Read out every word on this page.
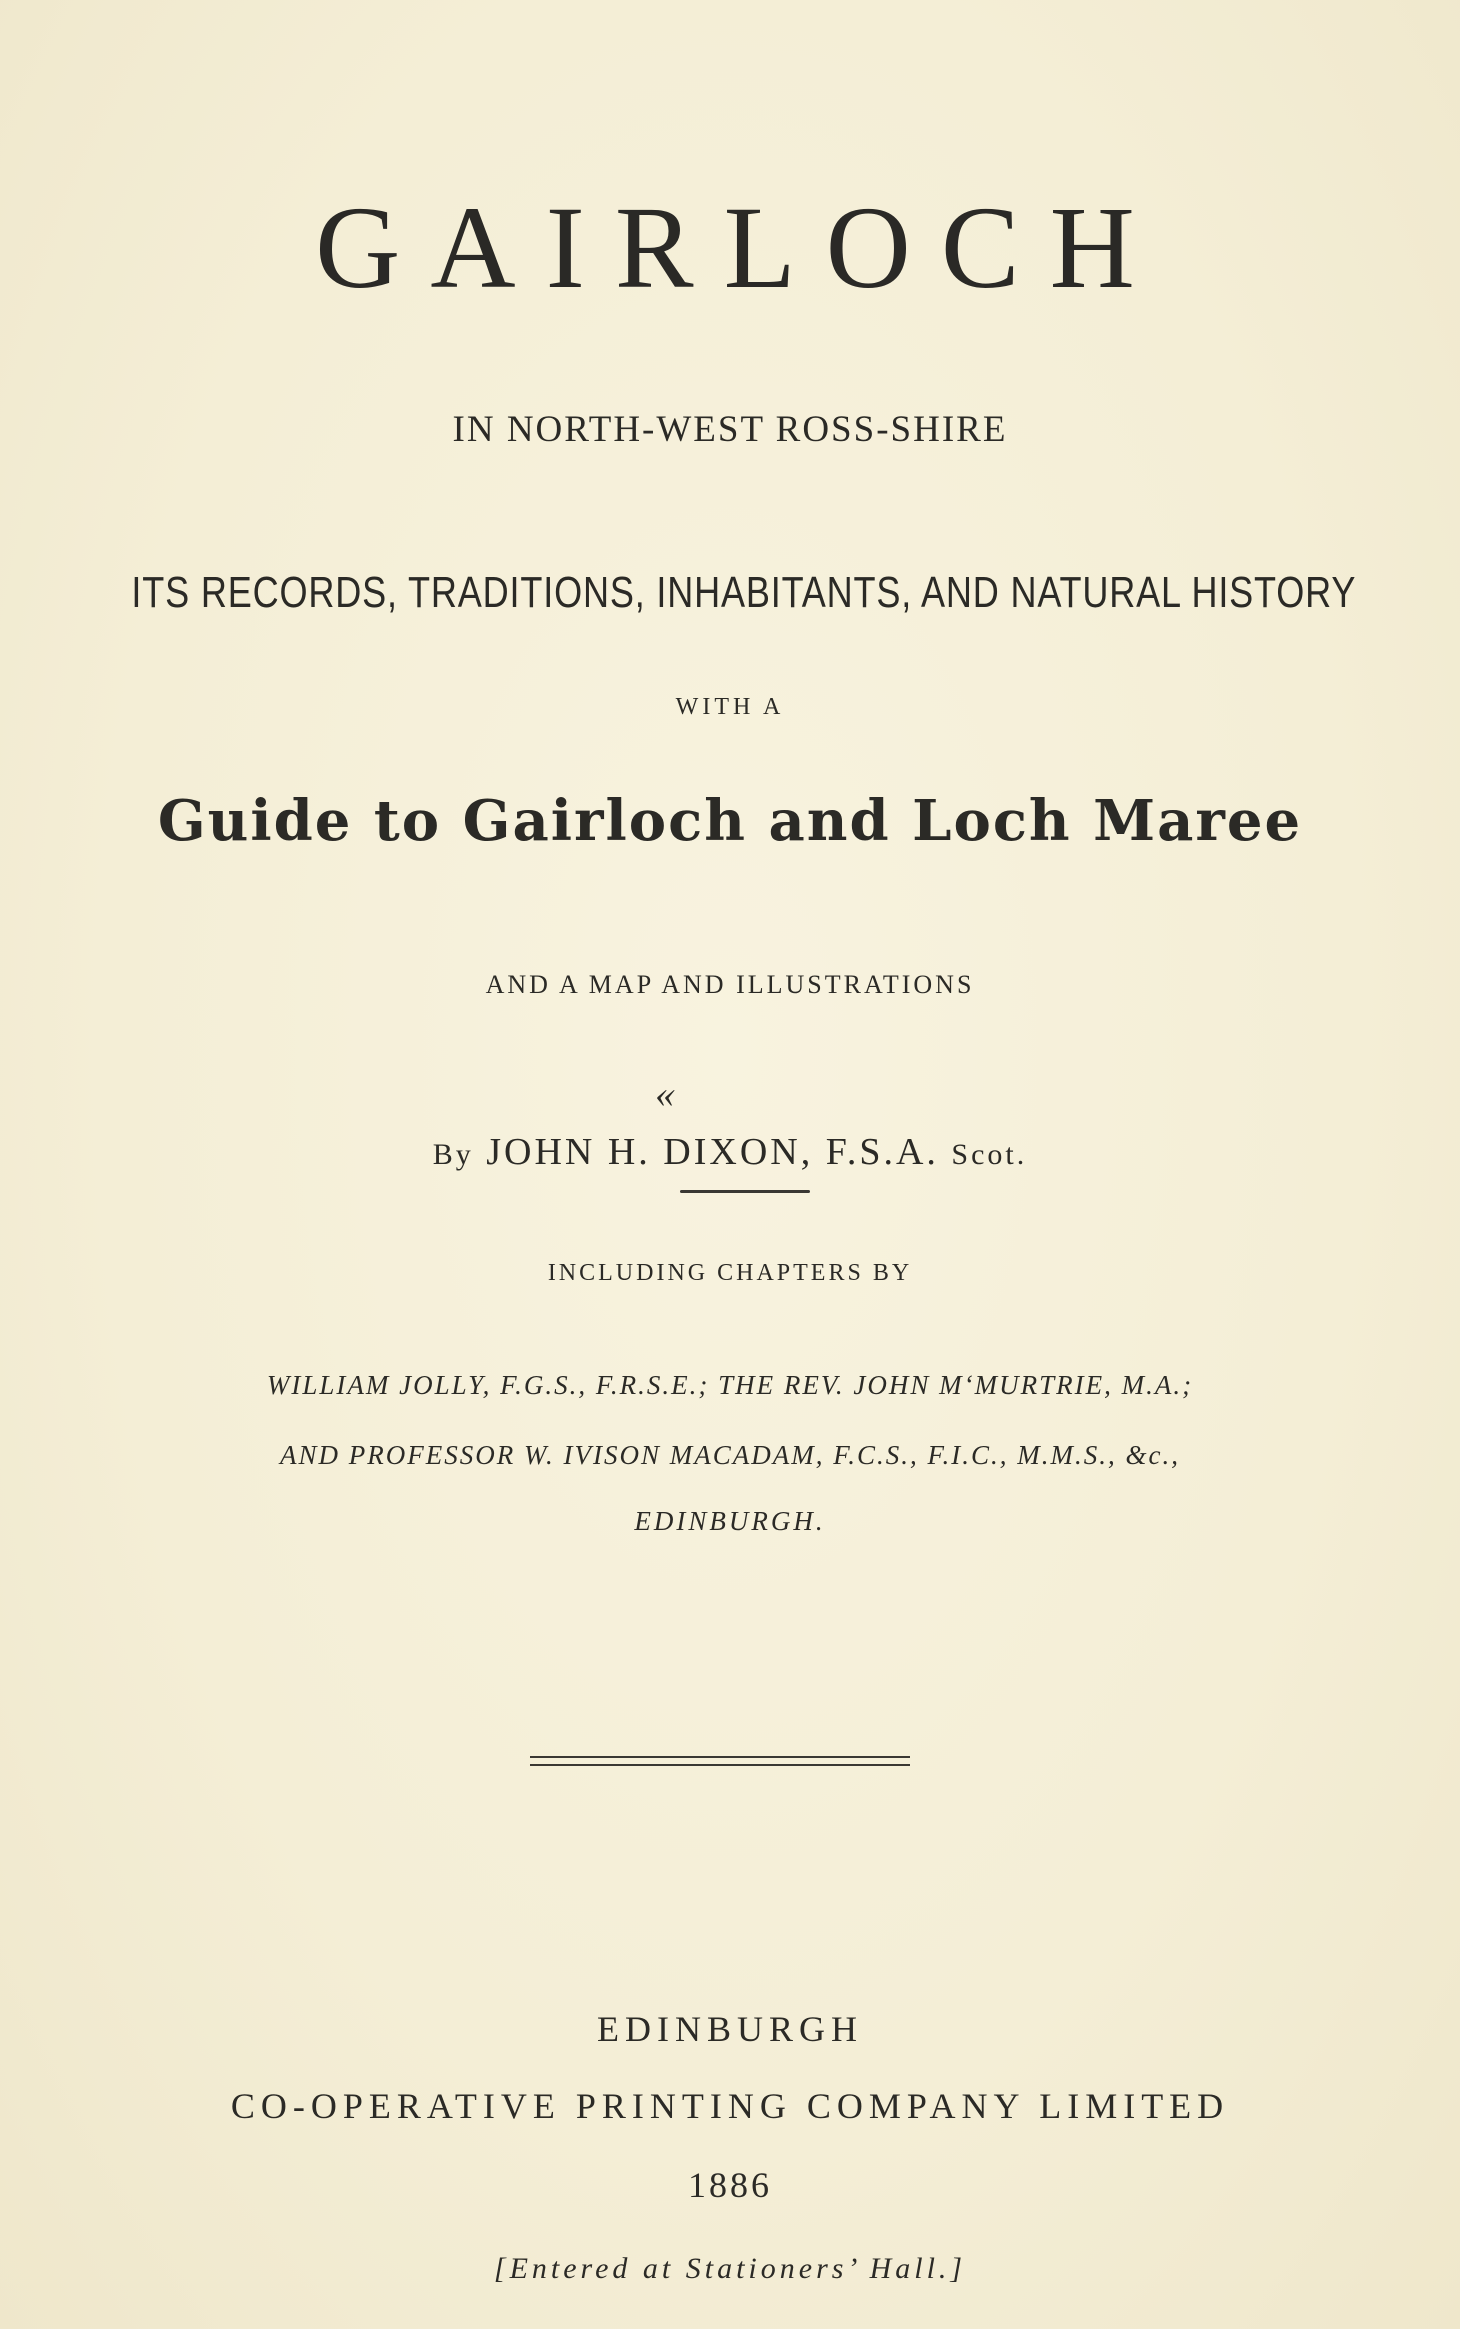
GAIRLOCH
IN NORTH-WEST ROSS-SHIRE
ITS RECORDS, TRADITIONS, INHABITANTS, AND NATURAL HISTORY
WITH A
Guide to Gairloch and Loch Maree
AND A MAP AND ILLUSTRATIONS
«
By JOHN H. DIXON, F.S.A. Scot.
INCLUDING CHAPTERS BY
WILLIAM JOLLY, F.G.S., F.R.S.E.; THE REV. JOHN M‘MURTRIE, M.A.;
AND PROFESSOR W. IVISON MACADAM, F.C.S., F.I.C., M.M.S., &c.,
EDINBURGH.
EDINBURGH
CO-OPERATIVE PRINTING COMPANY LIMITED
1886
[Entered at Stationers’ Hall.]
